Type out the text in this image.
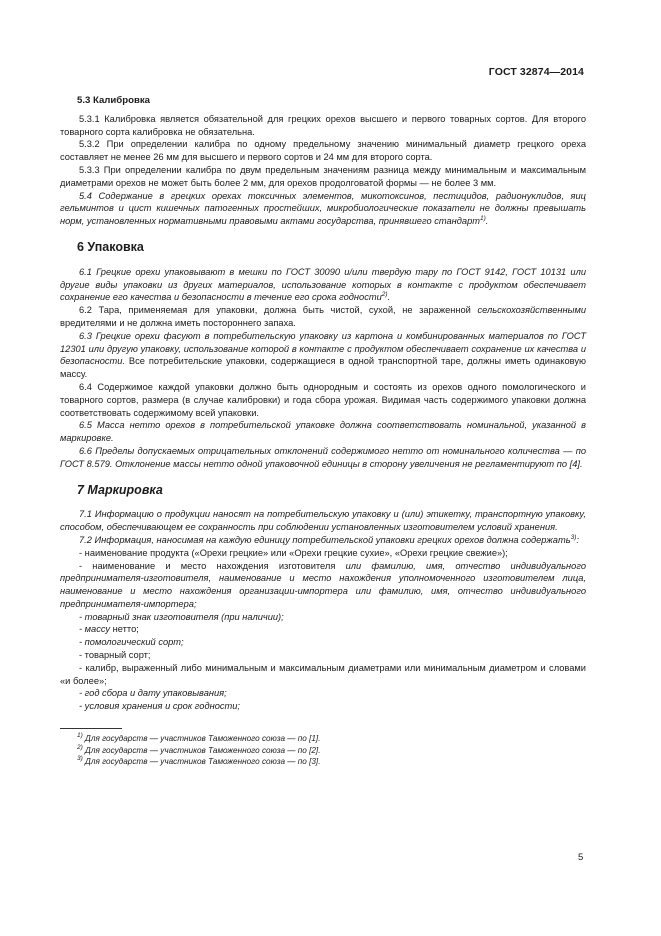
ГОСТ 32874—2014
5.3 Калибровка

5.3.1 Калибровка является обязательной для грецких орехов высшего и первого товарных сортов. Для второго товарного сорта калибровка не обязательна.

5.3.2 При определении калибра по одному предельному значению минимальный диаметр грецкого ореха составляет не менее 26 мм для высшего и первого сортов и 24 мм для второго сорта.

5.3.3 При определении калибра по двум предельным значениям разница между минимальным и максимальным диаметрами орехов не может быть более 2 мм, для орехов продолговатой формы — не более 3 мм.

5.4 Содержание в грецких орехах токсичных элементов, микотоксинов, пестицидов, радионуклидов, яиц гельминтов и цист кишечных патогенных простейших, микробиологические показатели не должны превышать норм, установленных нормативными правовыми актами государства, принявшего стандарт$^{1)}$.

6 Упаковка

6.1 Грецкие орехи упаковывают в мешки по ГОСТ 30090 и/или твердую тару по ГОСТ 9142, ГОСТ 10131 или другие виды упаковки из других материалов, использование которых в контакте с продуктом обеспечивает сохранение его качества и безопасности в течение его срока годности$^{2)}$.

6.2 Тара, применяемая для упаковки, должна быть чистой, сухой, не зараженной сельскохозяйственными вредителями и не должна иметь постороннего запаха.

6.3 Грецкие орехи фасуют в потребительскую упаковку из картона и комбинированных материалов по ГОСТ 12301 или другую упаковку, использование которой в контакте с продуктом обеспечивает сохранение их качества и безопасности. Все потребительские упаковки, содержащиеся в одной транспортной таре, должны иметь одинаковую массу.

6.4 Содержимое каждой упаковки должно быть однородным и состоять из орехов одного помологического и товарного сортов, размера (в случае калибровки) и года сбора урожая. Видимая часть содержимого упаковки должна соответствовать содержимому всей упаковки.

6.5 Масса нетто орехов в потребительской упаковке должна соответствовать номинальной, указанной в маркировке.

6.6 Пределы допускаемых отрицательных отклонений содержимого нетто от номинального количества — по ГОСТ 8.579. Отклонение массы нетто одной упаковочной единицы в сторону увеличения не регламентируют по [4].

7 Маркировка

7.1 Информацию о продукции наносят на потребительскую упаковку и (или) этикетку, транспортную упаковку, способом, обеспечивающем ее сохранность при соблюдении установленных изготовителем условий хранения.

7.2 Информация, наносимая на каждую единицу потребительской упаковки грецких орехов должна содержать$^{3)}$:

- наименование продукта («Орехи грецкие» или «Орехи грецкие сухие», «Орехи грецкие свежие»);

- наименование и место нахождения изготовителя или фамилию, имя, отчество индивидуального предпринимателя-изготовителя, наименование и место нахождения уполномоченного изготовителем лица, наименование и место нахождения организации-импортера или фамилию, имя, отчество индивидуального предпринимателя-импортера;

- товарный знак изготовителя (при наличии);

- массу нетто;

- помологический сорт;

- товарный сорт;

- калибр, выраженный либо минимальным и максимальным диаметрами или минимальным диаметром и словами «и более»;

- год сбора и дату упаковывания;

- условия хранения и срок годности;

$^{1)}$ Для государств — участников Таможенного союза — по [1].

$^{2)}$ Для государств — участников Таможенного союза — по [2].

$^{3)}$ Для государств — участников Таможенного союза — по [3].

5
